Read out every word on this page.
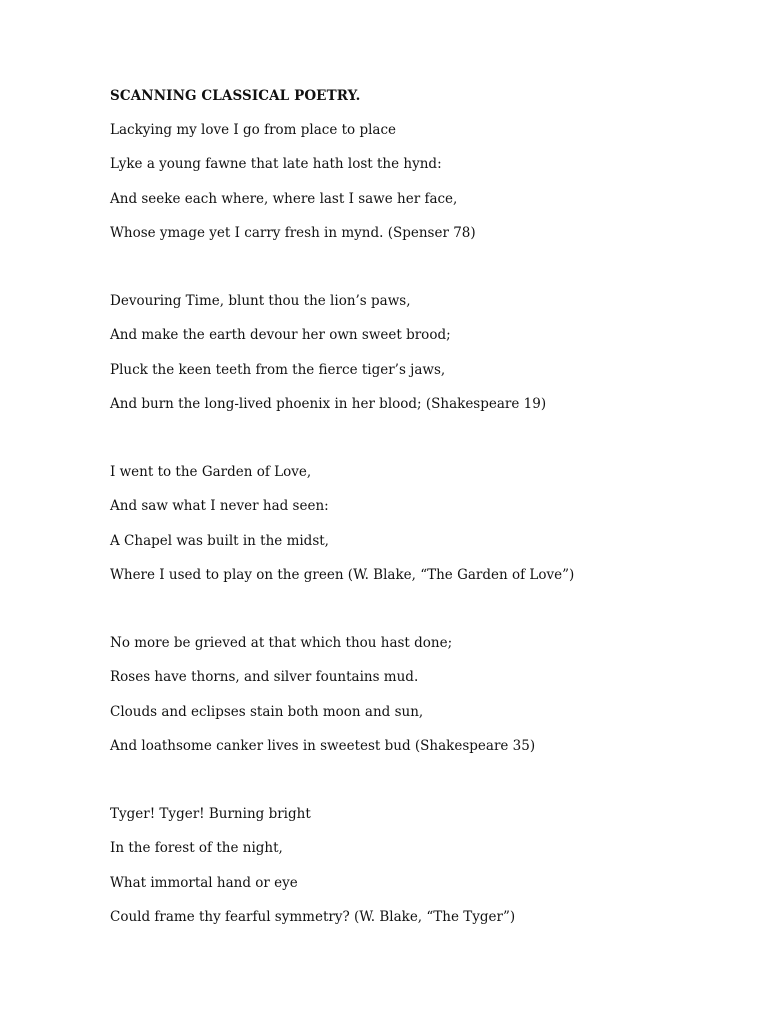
SCANNING CLASSICAL POETRY.
Lackying my love I go from place to place
Lyke a young fawne that late hath lost the hynd:
And seeke each where, where last I sawe her face,
Whose ymage yet I carry fresh in mynd. (Spenser 78)
Devouring Time, blunt thou the lion’s paws,
And make the earth devour her own sweet brood;
Pluck the keen teeth from the fierce tiger’s jaws,
And burn the long-lived phoenix in her blood; (Shakespeare 19)
I went to the Garden of Love,
And saw what I never had seen:
A Chapel was built in the midst,
Where I used to play on the green (W. Blake, “The Garden of Love”)
No more be grieved at that which thou hast done;
Roses have thorns, and silver fountains mud.
Clouds and eclipses stain both moon and sun,
And loathsome canker lives in sweetest bud (Shakespeare 35)
Tyger! Tyger! Burning bright
In the forest of the night,
What immortal hand or eye
Could frame thy fearful symmetry? (W. Blake, “The Tyger”)
